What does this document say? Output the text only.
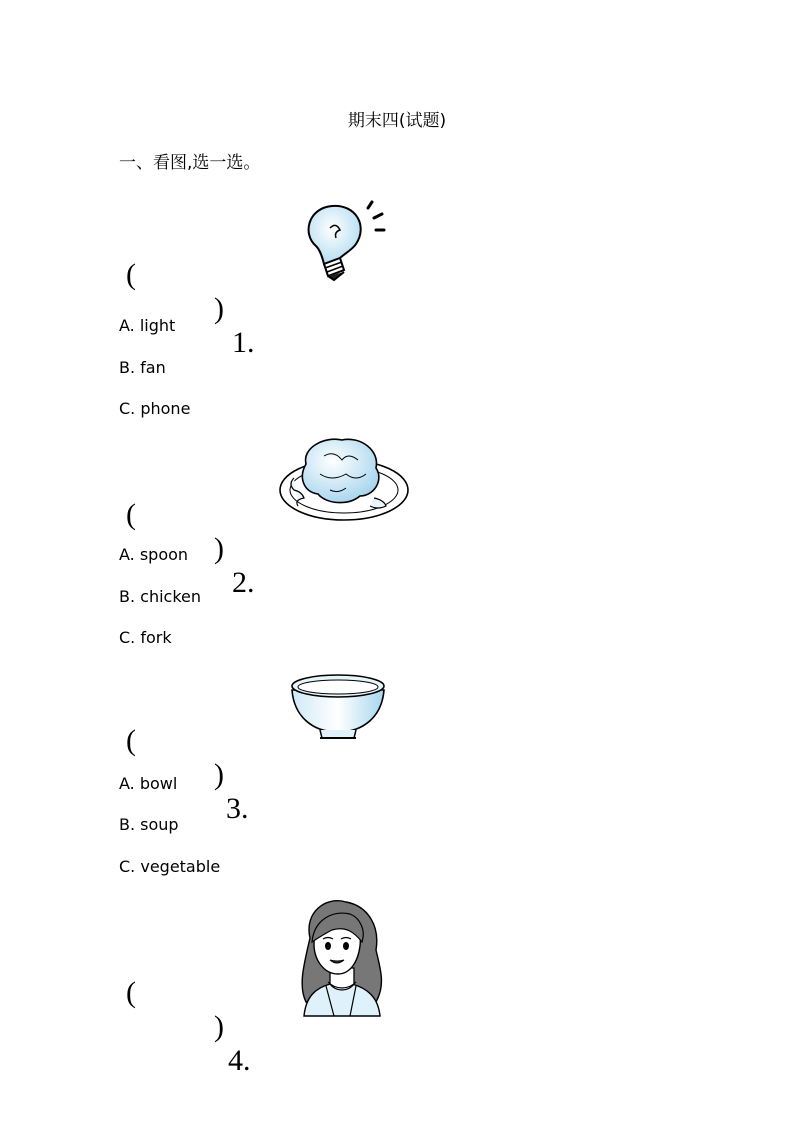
期末四(试题)
一、看图,选一选。

(

)

1.

A. light
B. fan
C. phone

(

)

2.

A. spoon
B. chicken
C. fork

(

)

3.

A. bowl
B. soup
C. vegetable

(

)

4.
